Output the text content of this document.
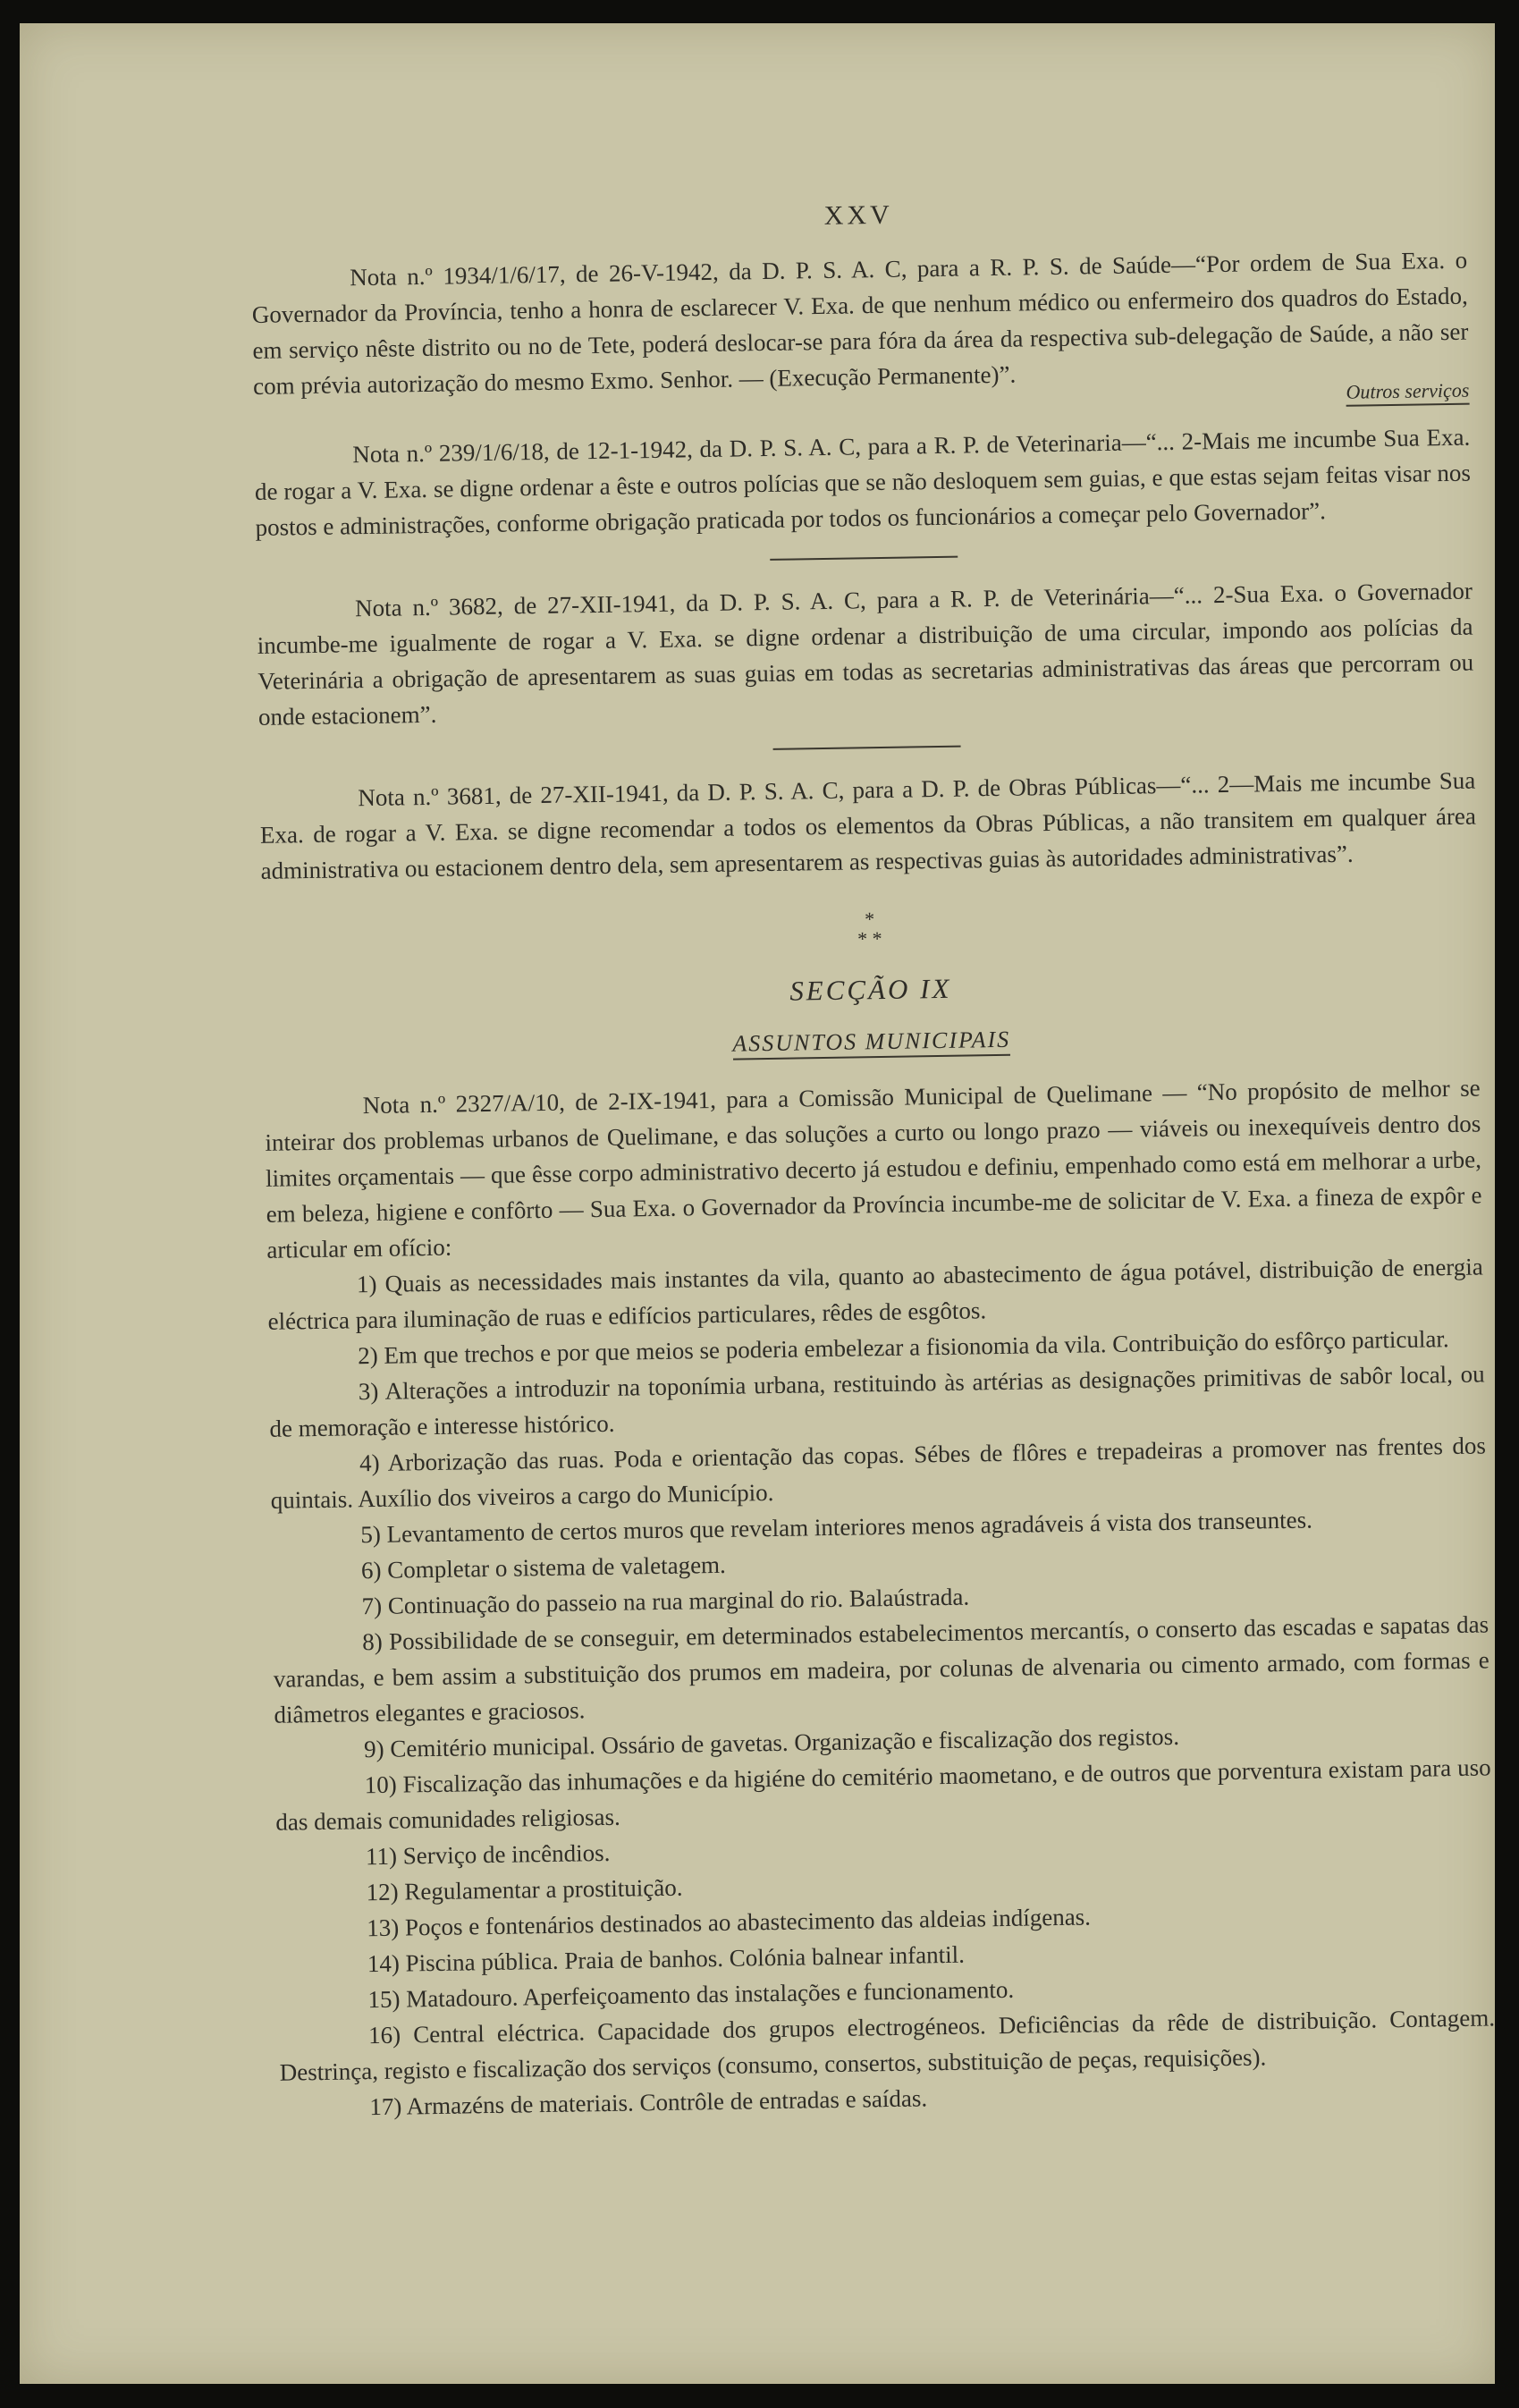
XXV

Nota n.º 1934/1/6/17, de 26-V-1942, da D. P. S. A. C, para a R. P. S. de Saúde—“Por ordem de Sua Exa. o Governador da Província, tenho a honra de esclarecer V. Exa. de que nenhum médico ou enfermeiro dos quadros do Estado, em serviço nêste distrito ou no de Tete, poderá deslocar-se para fóra da área da respectiva sub-delegação de Saúde, a não ser com prévia autorização do mesmo Exmo. Senhor. — (Execução Permanente)”.	Outros serviços

Nota n.º 239/1/6/18, de 12-1-1942, da D. P. S. A. C, para a R. P. de Veterinaria—“... 2-Mais me incumbe Sua Exa. de rogar a V. Exa. se digne ordenar a êste e outros polícias que se não desloquem sem guias, e que estas sejam feitas visar nos postos e administrações, conforme obrigação praticada por todos os funcionários a começar pelo Governador”.

Nota n.º 3682, de 27-XII-1941, da D. P. S. A. C, para a R. P. de Veterinária—“... 2-Sua Exa. o Governador incumbe-me igualmente de rogar a V. Exa. se digne ordenar a distribuição de uma circular, impondo aos polícias da Veterinária a obrigação de apresentarem as suas guias em todas as secretarias administrativas das áreas que percorram ou onde estacionem”.

Nota n.º 3681, de 27-XII-1941, da D. P. S. A. C, para a D. P. de Obras Públicas—“... 2—Mais me incumbe Sua Exa. de rogar a V. Exa. se digne recomendar a todos os elementos da Obras Públicas, a não transitem em qualquer área administrativa ou estacionem dentro dela, sem apresentarem as respectivas guias às autoridades administrativas”.

*
* *
SECÇÃO IX
ASSUNTOS MUNICIPAIS

Nota n.º 2327/A/10, de 2-IX-1941, para a Comissão Municipal de Quelimane — “No propósito de melhor se inteirar dos problemas urbanos de Quelimane, e das soluções a curto ou longo prazo — viáveis ou inexequíveis dentro dos limites orçamentais — que êsse corpo administrativo decerto já estudou e definiu, empenhado como está em melhorar a urbe, em beleza, higiene e confôrto — Sua Exa. o Governador da Província incumbe-me de solicitar de V. Exa. a fineza de expôr e articular em ofício:

1) Quais as necessidades mais instantes da vila, quanto ao abastecimento de água potável, distribuição de energia eléctrica para iluminação de ruas e edifícios particulares, rêdes de esgôtos.

2) Em que trechos e por que meios se poderia embelezar a fisionomia da vila. Contribuição do esfôrço particular.

3) Alterações a introduzir na toponímia urbana, restituindo às artérias as designações primitivas de sabôr local, ou de memoração e interesse histórico.

4) Arborização das ruas. Poda e orientação das copas. Sébes de flôres e trepadeiras a promover nas frentes dos quintais. Auxílio dos viveiros a cargo do Município.

5) Levantamento de certos muros que revelam interiores menos agradáveis á vista dos transeuntes.

6) Completar o sistema de valetagem.

7) Continuação do passeio na rua marginal do rio. Balaústrada.

8) Possibilidade de se conseguir, em determinados estabelecimentos mercantís, o conserto das escadas e sapatas das varandas, e bem assim a substituição dos prumos em madeira, por colunas de alvenaria ou cimento armado, com formas e diâmetros elegantes e graciosos.

9) Cemitério municipal. Ossário de gavetas. Organização e fiscalização dos registos.

10) Fiscalização das inhumações e da higiéne do cemitério maometano, e de outros que porventura existam para uso das demais comunidades religiosas.

11) Serviço de incêndios.

12) Regulamentar a prostituição.

13) Poços e fontenários destinados ao abastecimento das aldeias indígenas.

14) Piscina pública. Praia de banhos. Colónia balnear infantil.

15) Matadouro. Aperfeiçoamento das instalações e funcionamento.

16) Central eléctrica. Capacidade dos grupos electrogéneos. Deficiências da rêde de distribuição. Contagem. Destrinça, registo e fiscalização dos serviços (consumo, consertos, substituição de peças, requisições).

17) Armazéns de materiais. Contrôle de entradas e saídas.
